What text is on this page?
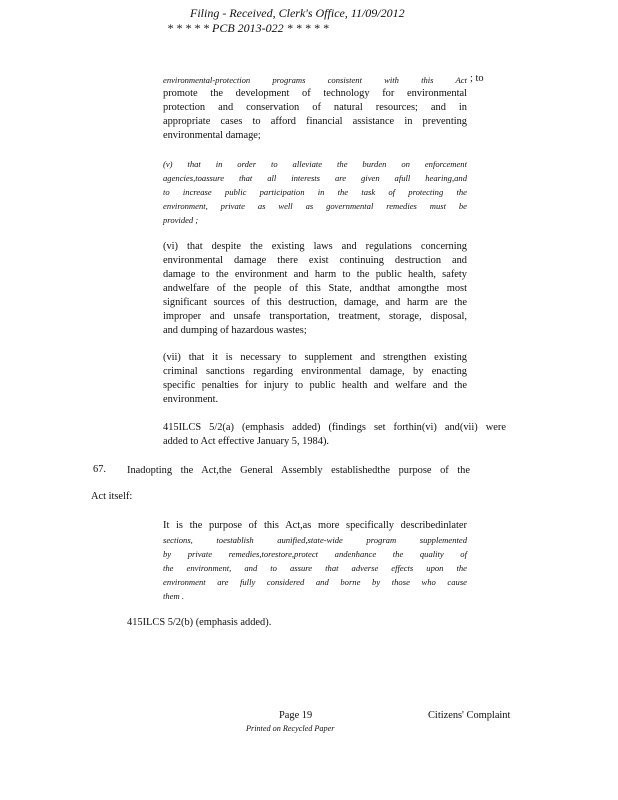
Filing - Received, Clerk's Office, 11/09/2012
* * * * * PCB 2013-022 * * * * *
environmental-protection programs consistent with this Act
promote the development of technology for environmental
protection and conservation of natural resources; and in
appropriate cases to afford financial assistance in preventing
environmental damage;
; to
(v) that in order to alleviate the burden on enforcement
agencies,toassure that all interests are given afull hearing,and
to increase public participation in the task of protecting the
environment, private as well as governmental remedies must be
provided ;
(vi) that despite the existing laws and regulations concerning
environmental damage there exist continuing destruction and
damage to the environment and harm to the public health, safety
andwelfare of the people of this State, andthat amongthe most
significant sources of this destruction, damage, and harm are the
improper and unsafe transportation, treatment, storage, disposal,
and dumping of hazardous wastes;
(vii) that it is necessary to supplement and strengthen existing
criminal sanctions regarding environmental damage, by enacting
specific penalties for injury to public health and welfare and the
environment.
415ILCS 5/2(a) (emphasis added) (findings set forthin(vi) and(vii) were
added to Act effective January 5, 1984).
67. Inadopting the Act,the General Assembly establishedthe purpose of the
Act itself:
It is the purpose of this Act,as more specifically describedinlater
sections, toestablish aunified,state-wide program supplemented
by private remedies,torestore,protect andenhance the quality of
the environment, and to assure that adverse effects upon the
environment are fully considered and borne by those who cause
them .
415ILCS 5/2(b) (emphasis added).
Page 19	Citizens' Complaint
Printed on Recycled Paper
